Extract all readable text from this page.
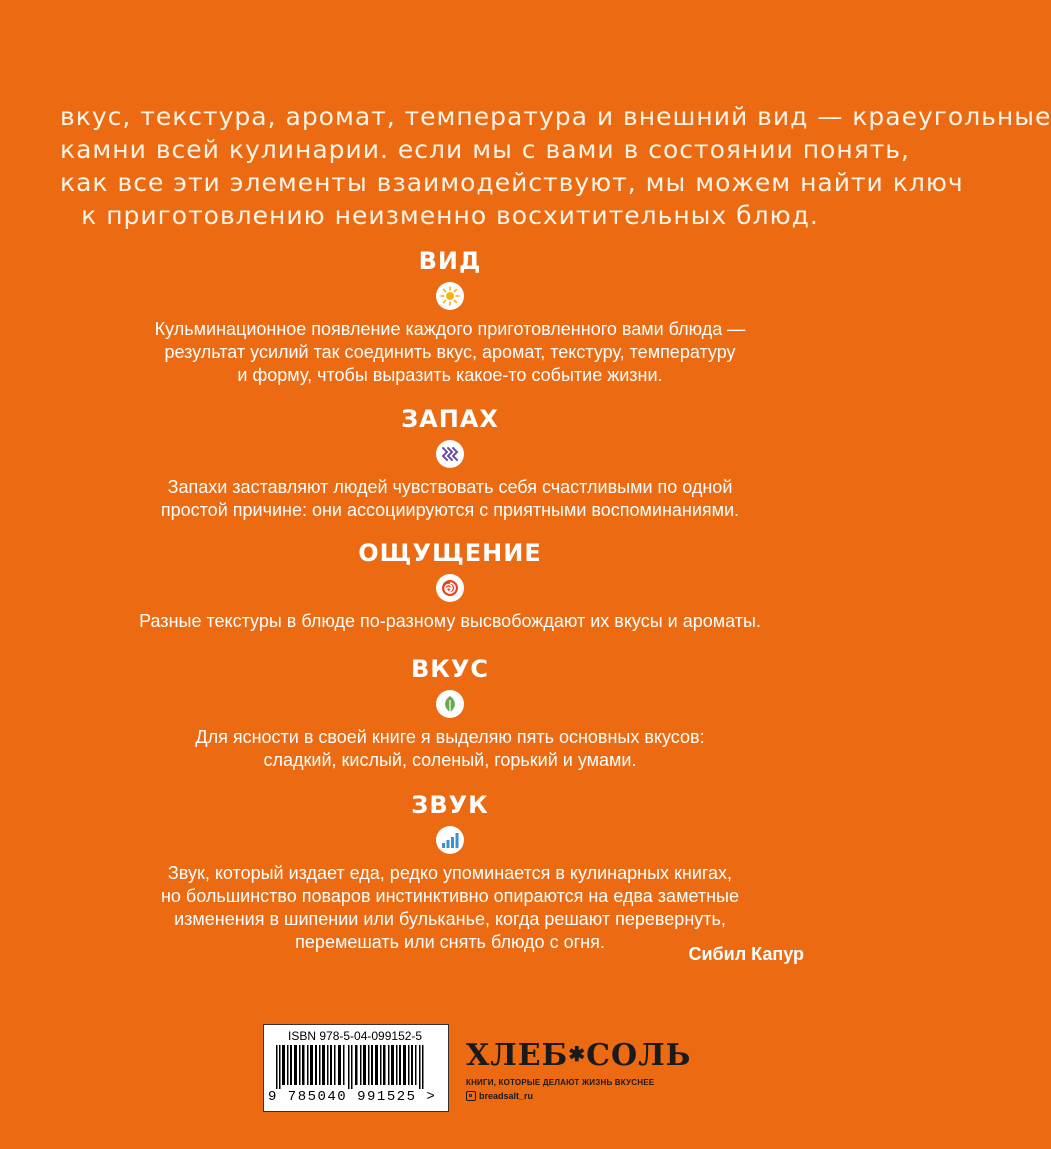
вкус, текстура, аромат, температура и внешний вид — краеугольные
камни всей кулинарии. если мы с вами в состоянии понять,
как все эти элементы взаимодействуют, мы можем найти ключ
к приготовлению неизменно восхитительных блюд.
ВИД
Кульминационное появление каждого приготовленного вами блюда —
результат усилий так соединить вкус, аромат, текстуру, температуру
и форму, чтобы выразить какое-то событие жизни.
ЗАПАХ
Запахи заставляют людей чувствовать себя счастливыми по одной
простой причине: они ассоциируются с приятными воспоминаниями.
ОЩУЩЕНИЕ
Разные текстуры в блюде по-разному высвобождают их вкусы и ароматы.
ВКУС
Для ясности в своей книге я выделяю пять основных вкусов:
сладкий, кислый, соленый, горький и умами.
ЗВУК
Звук, который издает еда, редко упоминается в кулинарных книгах,
но большинство поваров инстинктивно опираются на едва заметные
изменения в шипении или бульканье, когда решают перевернуть,
перемешать или снять блюдо с огня.
Сибил Капур
ISBN 978-5-04-099152-5
9 785040 991525 >
ХЛЕБ✱СОЛЬ
КНИГИ, КОТОРЫЕ ДЕЛАЮТ ЖИЗНЬ ВКУСНЕЕ
breadsalt_ru
